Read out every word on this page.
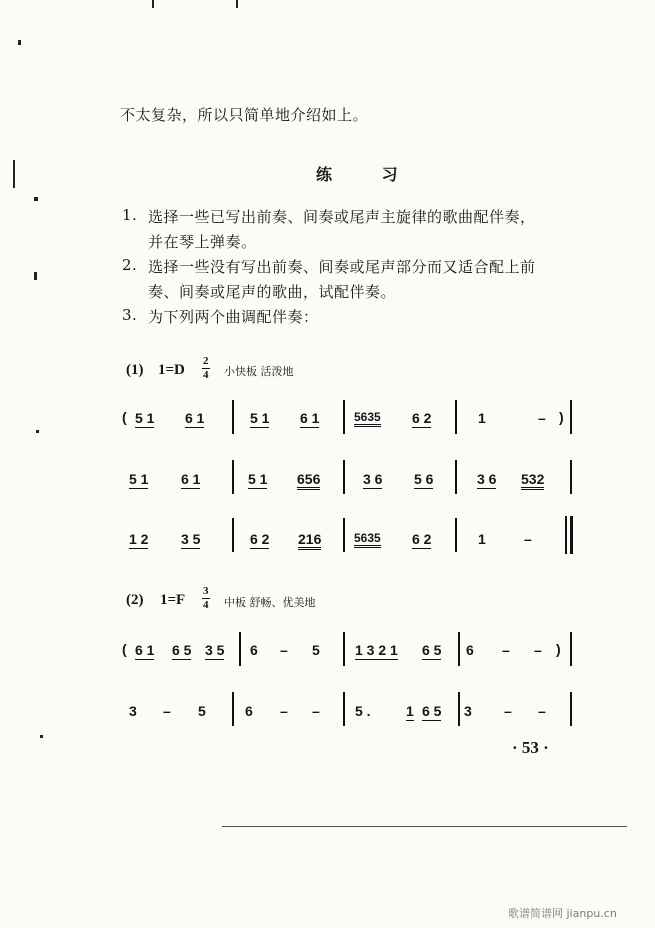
不太复杂，所以只简单地介绍如上。
练 习
1. 选择一些已写出前奏、间奏或尾声主旋律的歌曲配伴奏，
并在琴上弹奏。
2. 选择一些没有写出前奏、间奏或尾声部分而又适合配上前
奏、间奏或尾声的歌曲，试配伴奏。
3. 为下列两个曲调配伴奏：
(1) 1=D
2
4 小快板 活泼地
( 5 1 6 1	5 1 6 1	5635 6 2	1	– )
5 1 6 1	5 1 656	3 6 5 6	3 6 532
1 2 3 5	6 2 216	5635 6 2	1	–
(2) 1=F
3
4 中板 舒畅、优美地
( 6 1 6 5 3 5 6 – 5	1 3 2 1 6 5 6 – – )
3 – 5	6 – –	5 .	1 6 5 3 – –
· 53 ·
歌谱简谱网 jianpu.cn
